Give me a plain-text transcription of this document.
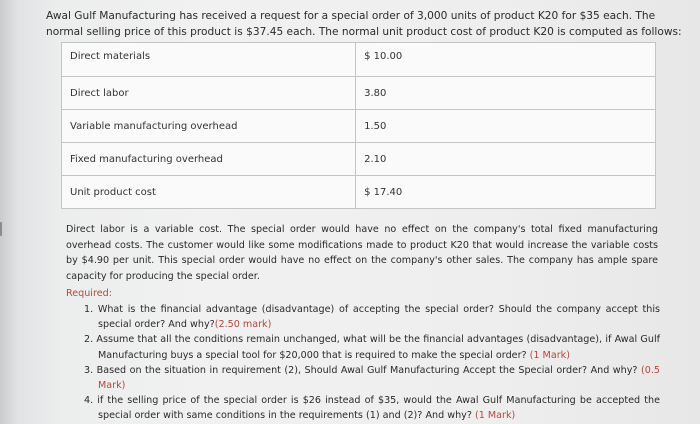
Awal Gulf Manufacturing has received a request for a special order of 3,000 units of product K20 for $35 each. The normal selling price of this product is $37.45 each. The normal unit product cost of product K20 is computed as follows:

Direct materials	$ 10.00
Direct labor	3.80
Variable manufacturing overhead	1.50
Fixed manufacturing overhead	2.10
Unit product cost	$ 17.40

Direct labor is a variable cost. The special order would have no effect on the company's total fixed manufacturing overhead costs. The customer would like some modifications made to product K20 that would increase the variable costs by $4.90 per unit. This special order would have no effect on the company's other sales. The company has ample spare capacity for producing the special order.

Required:
1. What is the financial advantage (disadvantage) of accepting the special order? Should the company accept this special order? And why?(2.50 mark)
2. Assume that all the conditions remain unchanged, what will be the financial advantages (disadvantage), if Awal Gulf Manufacturing buys a special tool for $20,000 that is required to make the special order? (1 Mark)
3. Based on the situation in requirement (2), Should Awal Gulf Manufacturing Accept the Special order? And why? (0.5 Mark)
4. if the selling price of the special order is $26 instead of $35, would the Awal Gulf Manufacturing be accepted the special order with same conditions in the requirements (1) and (2)? And why? (1 Mark)
